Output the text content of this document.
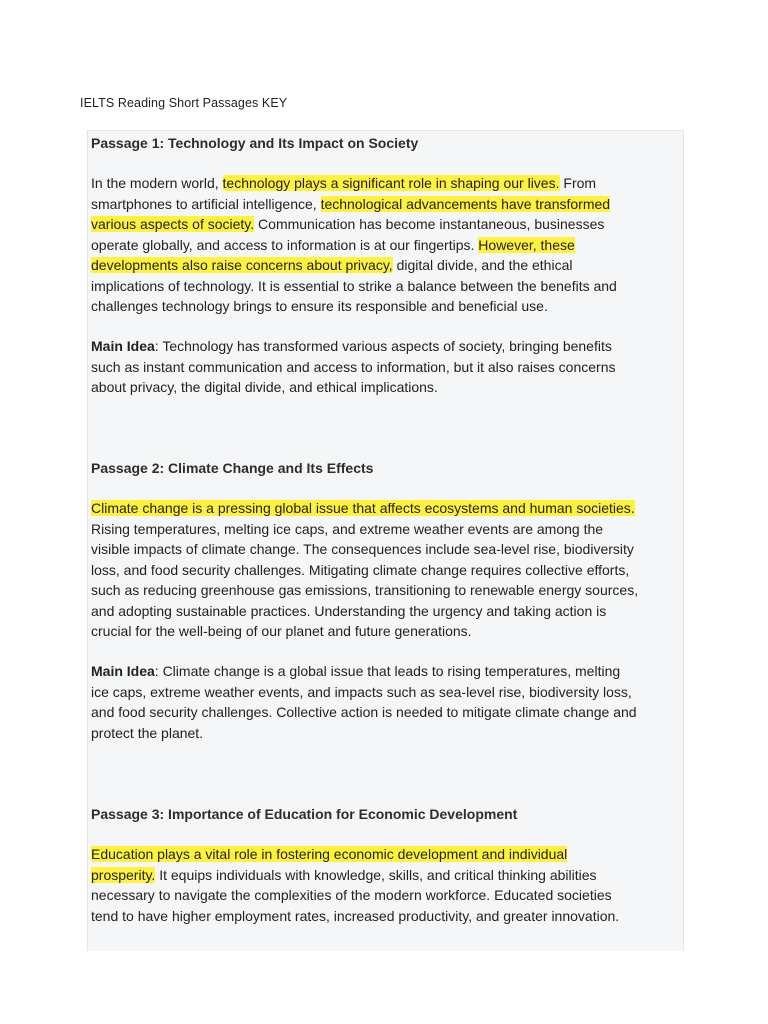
IELTS Reading Short Passages KEY
Passage 1: Technology and Its Impact on Society
In the modern world, technology plays a significant role in shaping our lives. From
smartphones to artificial intelligence, technological advancements have transformed
various aspects of society. Communication has become instantaneous, businesses
operate globally, and access to information is at our fingertips. However, these
developments also raise concerns about privacy, digital divide, and the ethical
implications of technology. It is essential to strike a balance between the benefits and
challenges technology brings to ensure its responsible and beneficial use.
Main Idea: Technology has transformed various aspects of society, bringing benefits
such as instant communication and access to information, but it also raises concerns
about privacy, the digital divide, and ethical implications.
Passage 2: Climate Change and Its Effects
Climate change is a pressing global issue that affects ecosystems and human societies.
Rising temperatures, melting ice caps, and extreme weather events are among the
visible impacts of climate change. The consequences include sea-level rise, biodiversity
loss, and food security challenges. Mitigating climate change requires collective efforts,
such as reducing greenhouse gas emissions, transitioning to renewable energy sources,
and adopting sustainable practices. Understanding the urgency and taking action is
crucial for the well-being of our planet and future generations.
Main Idea: Climate change is a global issue that leads to rising temperatures, melting
ice caps, extreme weather events, and impacts such as sea-level rise, biodiversity loss,
and food security challenges. Collective action is needed to mitigate climate change and
protect the planet.
Passage 3: Importance of Education for Economic Development
Education plays a vital role in fostering economic development and individual
prosperity. It equips individuals with knowledge, skills, and critical thinking abilities
necessary to navigate the complexities of the modern workforce. Educated societies
tend to have higher employment rates, increased productivity, and greater innovation.
